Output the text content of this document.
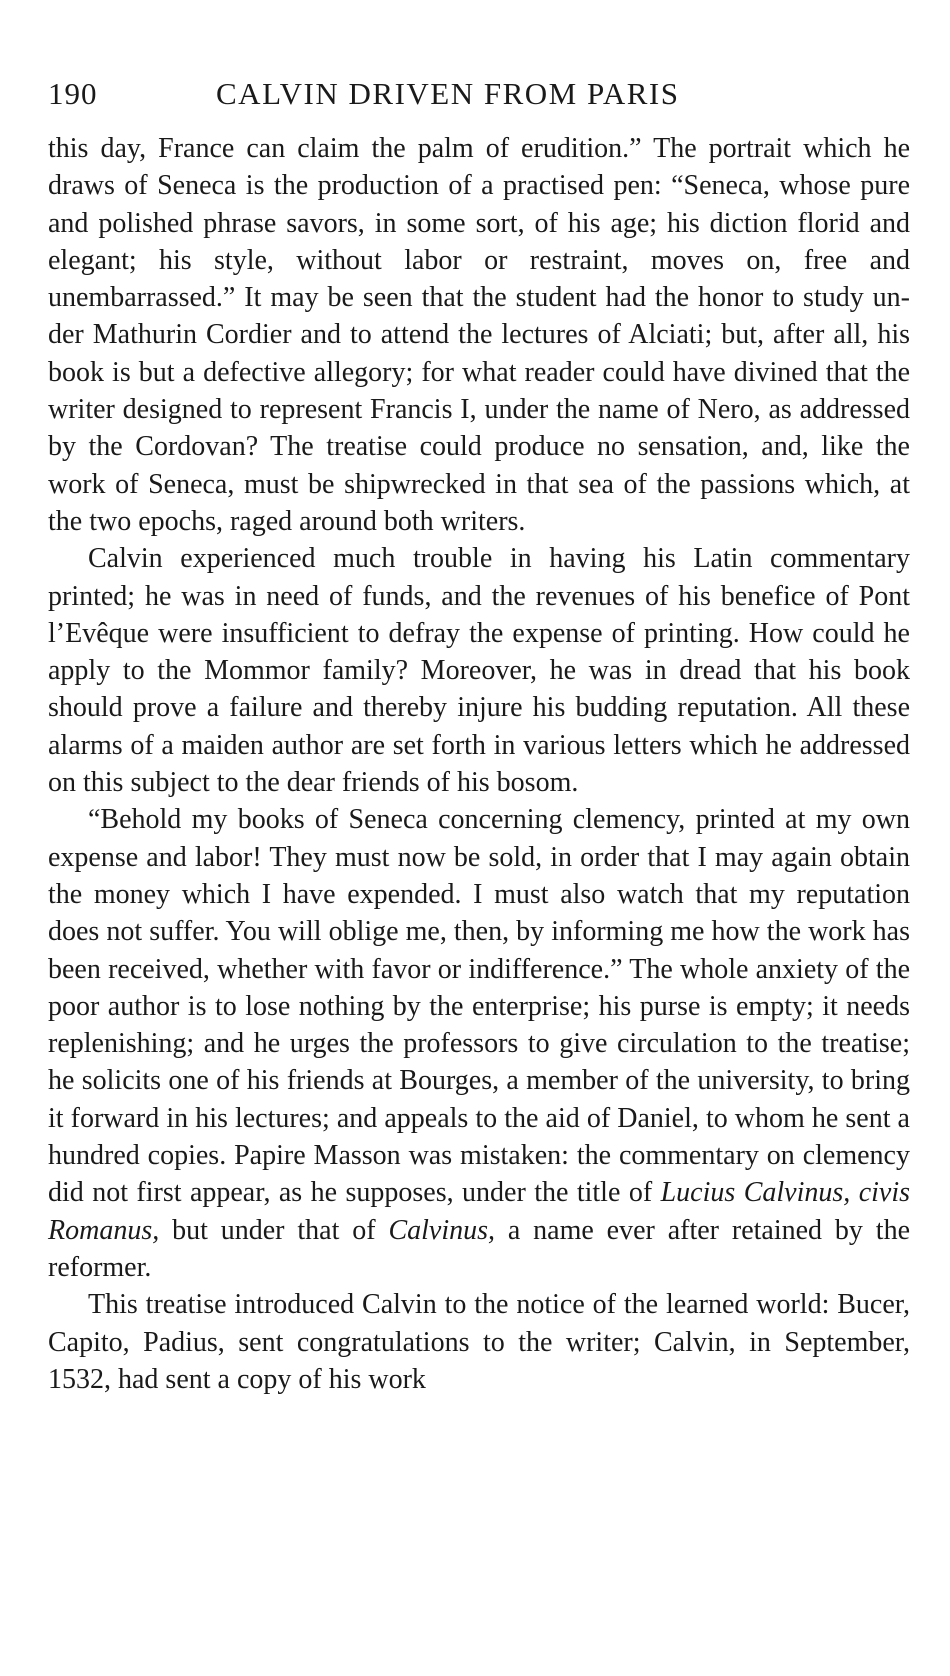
190	CALVIN DRIVEN FROM PARIS

this day, France can claim the palm of erudition.” The portrait which he draws of Seneca is the production of a practised pen: “Seneca, whose pure and polished phrase savors, in some sort, of his age; his diction florid and elegant; his style, without labor or restraint, moves on, free and unembarrassed.” It may be seen that the student had the honor to study under Mathurin Cordier and to attend the lectures of Alciati; but, after all, his book is but a defective allegory; for what reader could have divined that the writer designed to represent Francis I, under the name of Nero, as addressed by the Cordovan? The treatise could produce no sensation, and, like the work of Seneca, must be shipwrecked in that sea of the passions which, at the two epochs, raged around both writers.

Calvin experienced much trouble in having his Latin commentary printed; he was in need of funds, and the revenues of his benefice of Pont l’Evêque were insufficient to defray the expense of printing. How could he apply to the Mommor family? Moreover, he was in dread that his book should prove a failure and thereby injure his budding reputation. All these alarms of a maiden author are set forth in various letters which he addressed on this subject to the dear friends of his bosom.

“Behold my books of Seneca concerning clemency, printed at my own expense and labor! They must now be sold, in order that I may again obtain the money which I have expended. I must also watch that my reputation does not suffer. You will oblige me, then, by informing me how the work has been received, whether with favor or indifference.” The whole anxiety of the poor author is to lose nothing by the enterprise; his purse is empty; it needs replenishing; and he urges the professors to give circulation to the treatise; he solicits one of his friends at Bourges, a member of the university, to bring it forward in his lectures; and appeals to the aid of Daniel, to whom he sent a hundred copies. Papire Masson was mistaken: the commentary on clemency did not first appear, as he supposes, under the title of Lucius Calvinus, civis Romanus, but under that of Calvinus, a name ever after retained by the reformer.

This treatise introduced Calvin to the notice of the learned world: Bucer, Capito, Padius, sent congratulations to the writer; Calvin, in September, 1532, had sent a copy of his work
